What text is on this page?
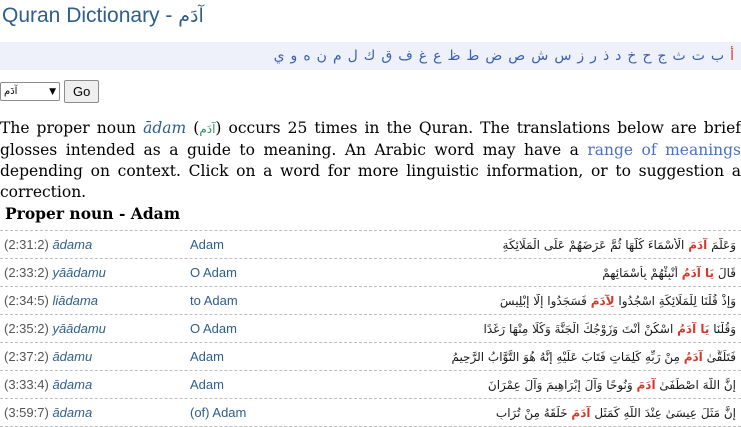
Quran Dictionary - آدَم
أ
ب
ت
ث
ج
ح
خ
د
ذ
ر
ز
س
ش
ص
ض
ط
ظ
ع
غ
ف
ق
ك
ل
م
ن
ه
و
ي
آدَم	▼	Go
The proper noun ādam (آدَم) occurs 25 times in the Quran. The translations below are brief glosses intended as a guide to meaning. An Arabic word may have a range of meanings depending on context. Click on a word for more linguistic information, or to suggestion a correction.
Proper noun - Adam
(2:31:2) ādama	Adam	وَعَلَّمَ آدَمَ الْأَسْمَاءَ كُلَّهَا ثُمَّ عَرَضَهُمْ عَلَى الْمَلَائِكَةِ
(2:33:2) yāādamu	O Adam	قَالَ يَا آدَمُ أَنْبِئْهُمْ بِأَسْمَائِهِمْ
(2:34:5) liādama	to Adam	وَإِذْ قُلْنَا لِلْمَلَائِكَةِ اسْجُدُوا لِآدَمَ فَسَجَدُوا إِلَّا إِبْلِيسَ
(2:35:2) yāādamu	O Adam	وَقُلْنَا يَا آدَمُ اسْكُنْ أَنْتَ وَزَوْجُكَ الْجَنَّةَ وَكُلَا مِنْهَا رَغَدًا
(2:37:2) ādamu	Adam	فَتَلَقَّىٰ آدَمُ مِنْ رَبِّهِ كَلِمَاتٍ فَتَابَ عَلَيْهِ إِنَّهُ هُوَ التَّوَّابُ الرَّحِيمُ
(3:33:4) ādama	Adam	إِنَّ اللَّهَ اصْطَفَىٰ آدَمَ وَنُوحًا وَآلَ إِبْرَاهِيمَ وَآلَ عِمْرَانَ
(3:59:7) ādama	(of) Adam	إِنَّ مَثَلَ عِيسَىٰ عِنْدَ اللَّهِ كَمَثَلِ آدَمَ خَلَقَهُ مِنْ تُرَابٍ
